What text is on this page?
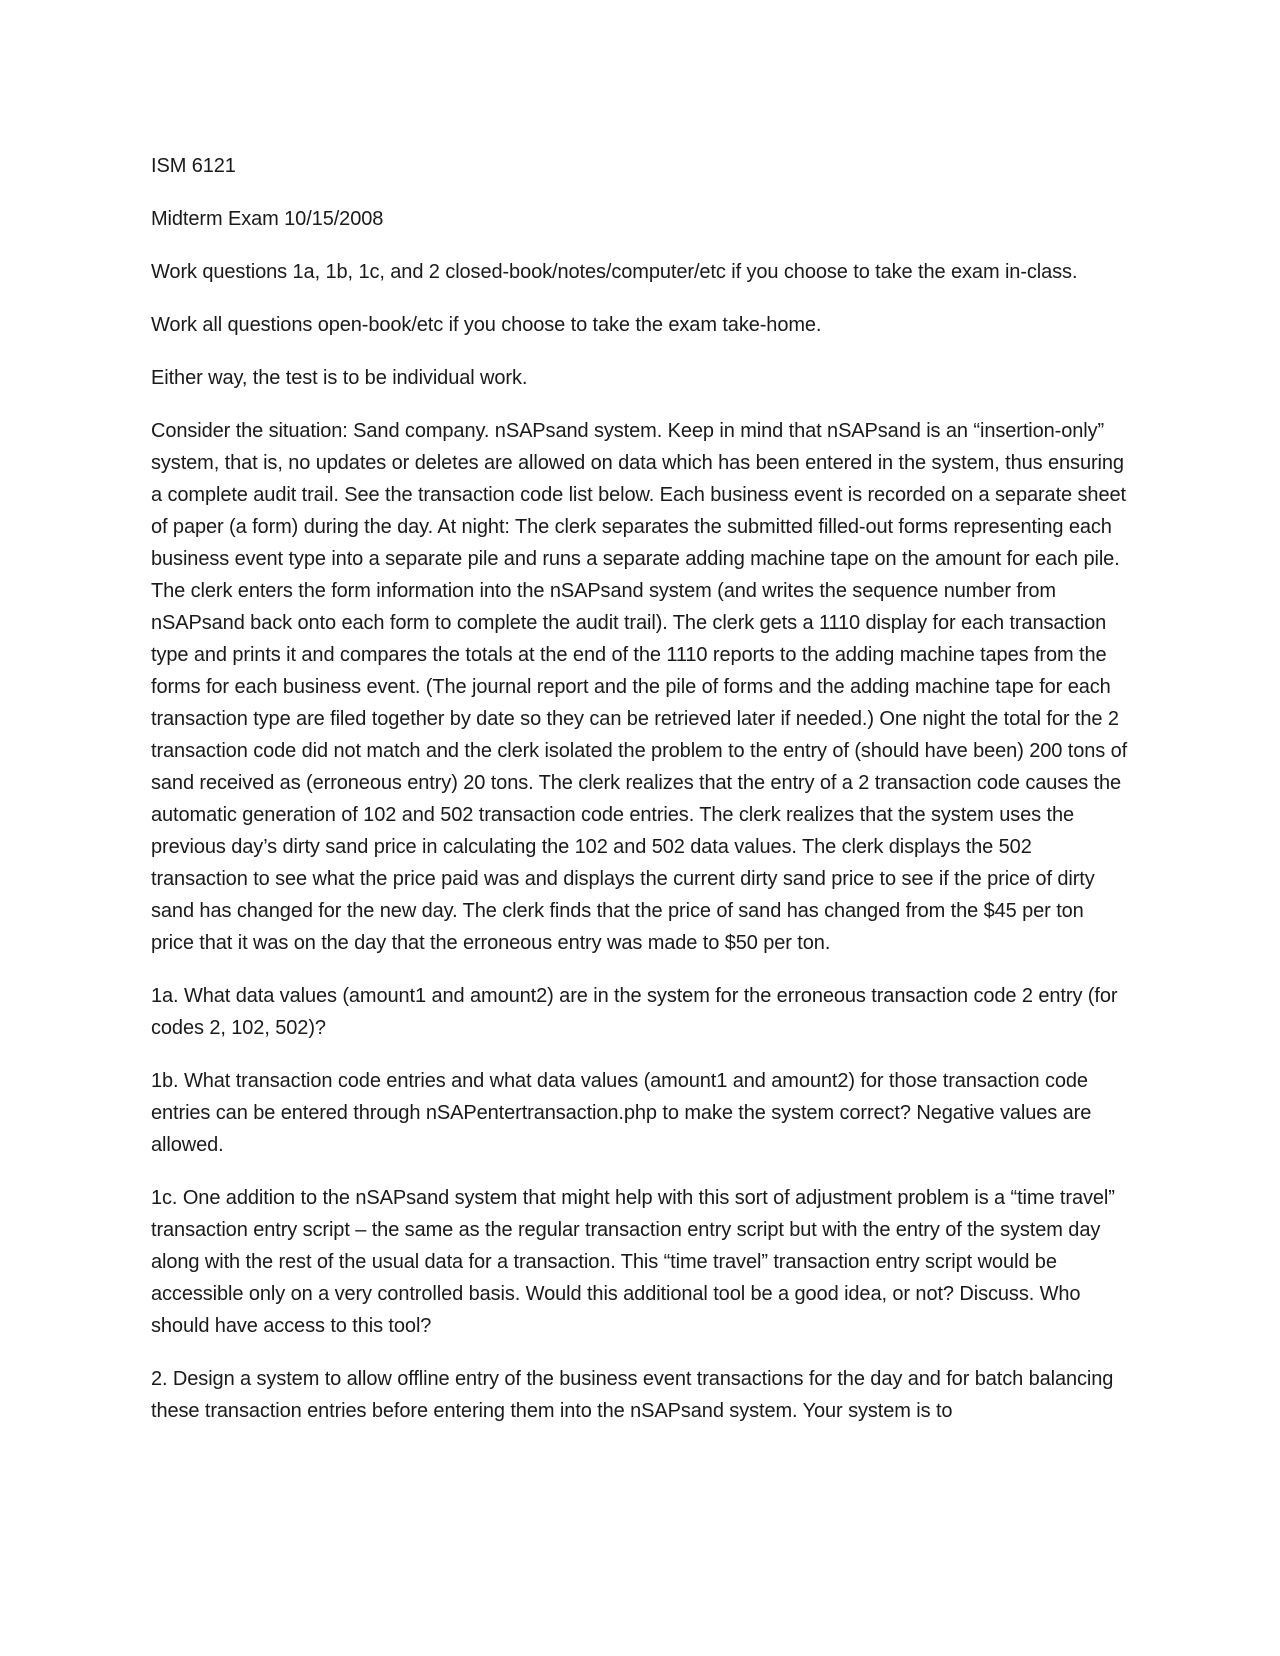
ISM 6121

Midterm Exam 10/15/2008

Work questions 1a, 1b, 1c, and 2 closed-book/notes/computer/etc if you choose to take the exam in-class.

Work all questions open-book/etc if you choose to take the exam take-home.

Either way, the test is to be individual work.

Consider the situation: Sand company. nSAPsand system. Keep in mind that nSAPsand is an “insertion-only” system, that is, no updates or deletes are allowed on data which has been entered in the system, thus ensuring a complete audit trail. See the transaction code list below. Each business event is recorded on a separate sheet of paper (a form) during the day. At night: The clerk separates the submitted filled-out forms representing each business event type into a separate pile and runs a separate adding machine tape on the amount for each pile. The clerk enters the form information into the nSAPsand system (and writes the sequence number from nSAPsand back onto each form to complete the audit trail). The clerk gets a 1110 display for each transaction type and prints it and compares the totals at the end of the 1110 reports to the adding machine tapes from the forms for each business event. (The journal report and the pile of forms and the adding machine tape for each transaction type are filed together by date so they can be retrieved later if needed.) One night the total for the 2 transaction code did not match and the clerk isolated the problem to the entry of (should have been) 200 tons of sand received as (erroneous entry) 20 tons. The clerk realizes that the entry of a 2 transaction code causes the automatic generation of 102 and 502 transaction code entries. The clerk realizes that the system uses the previous day’s dirty sand price in calculating the 102 and 502 data values. The clerk displays the 502 transaction to see what the price paid was and displays the current dirty sand price to see if the price of dirty sand has changed for the new day. The clerk finds that the price of sand has changed from the $45 per ton price that it was on the day that the erroneous entry was made to $50 per ton.

1a. What data values (amount1 and amount2) are in the system for the erroneous transaction code 2 entry (for codes 2, 102, 502)?

1b. What transaction code entries and what data values (amount1 and amount2) for those transaction code entries can be entered through nSAPentertransaction.php to make the system correct? Negative values are allowed.

1c. One addition to the nSAPsand system that might help with this sort of adjustment problem is a “time travel” transaction entry script – the same as the regular transaction entry script but with the entry of the system day along with the rest of the usual data for a transaction. This “time travel” transaction entry script would be accessible only on a very controlled basis. Would this additional tool be a good idea, or not? Discuss. Who should have access to this tool?

2. Design a system to allow offline entry of the business event transactions for the day and for batch balancing these transaction entries before entering them into the nSAPsand system. Your system is to
